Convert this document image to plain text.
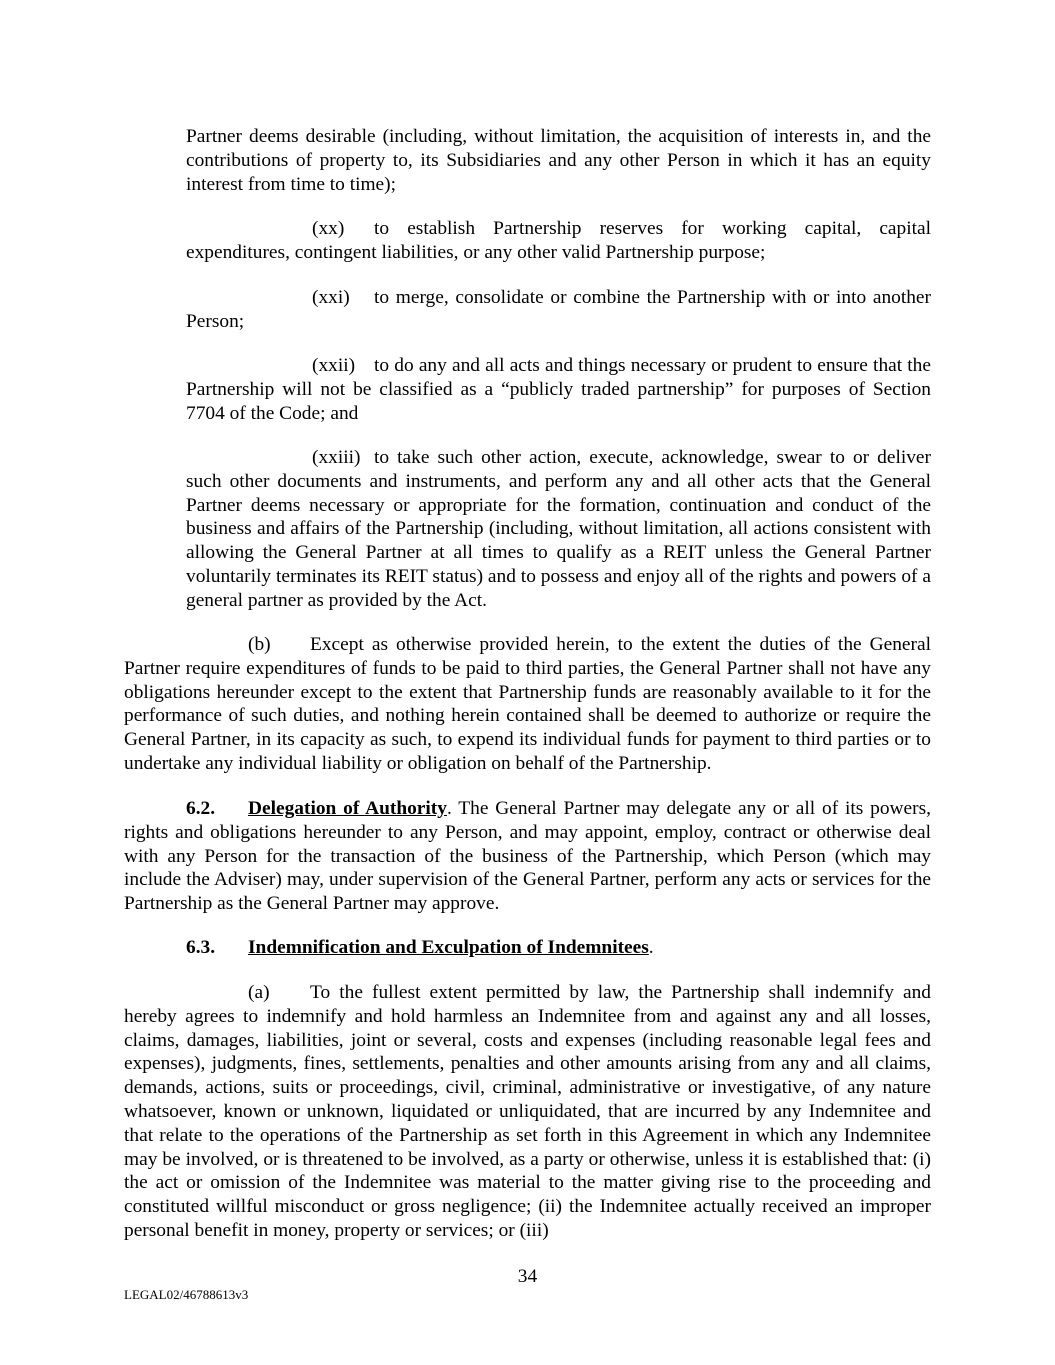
Partner deems desirable (including, without limitation, the acquisition of interests in, and the contributions of property to, its Subsidiaries and any other Person in which it has an equity interest from time to time);

(xx) to establish Partnership reserves for working capital, capital expenditures, contingent liabilities, or any other valid Partnership purpose;

(xxi) to merge, consolidate or combine the Partnership with or into another Person;

(xxii) to do any and all acts and things necessary or prudent to ensure that the Partnership will not be classified as a “publicly traded partnership” for purposes of Section 7704 of the Code; and

(xxiii) to take such other action, execute, acknowledge, swear to or deliver such other documents and instruments, and perform any and all other acts that the General Partner deems necessary or appropriate for the formation, continuation and conduct of the business and affairs of the Partnership (including, without limitation, all actions consistent with allowing the General Partner at all times to qualify as a REIT unless the General Partner voluntarily terminates its REIT status) and to possess and enjoy all of the rights and powers of a general partner as provided by the Act.

(b) Except as otherwise provided herein, to the extent the duties of the General Partner require expenditures of funds to be paid to third parties, the General Partner shall not have any obligations hereunder except to the extent that Partnership funds are reasonably available to it for the performance of such duties, and nothing herein contained shall be deemed to authorize or require the General Partner, in its capacity as such, to expend its individual funds for payment to third parties or to undertake any individual liability or obligation on behalf of the Partnership.

6.2. Delegation of Authority. The General Partner may delegate any or all of its powers, rights and obligations hereunder to any Person, and may appoint, employ, contract or otherwise deal with any Person for the transaction of the business of the Partnership, which Person (which may include the Adviser) may, under supervision of the General Partner, perform any acts or services for the Partnership as the General Partner may approve.

6.3. Indemnification and Exculpation of Indemnitees.

(a) To the fullest extent permitted by law, the Partnership shall indemnify and hereby agrees to indemnify and hold harmless an Indemnitee from and against any and all losses, claims, damages, liabilities, joint or several, costs and expenses (including reasonable legal fees and expenses), judgments, fines, settlements, penalties and other amounts arising from any and all claims, demands, actions, suits or proceedings, civil, criminal, administrative or investigative, of any nature whatsoever, known or unknown, liquidated or unliquidated, that are incurred by any Indemnitee and that relate to the operations of the Partnership as set forth in this Agreement in which any Indemnitee may be involved, or is threatened to be involved, as a party or otherwise, unless it is established that: (i) the act or omission of the Indemnitee was material to the matter giving rise to the proceeding and constituted willful misconduct or gross negligence; (ii) the Indemnitee actually received an improper personal benefit in money, property or services; or (iii)

34
LEGAL02/46788613v3
